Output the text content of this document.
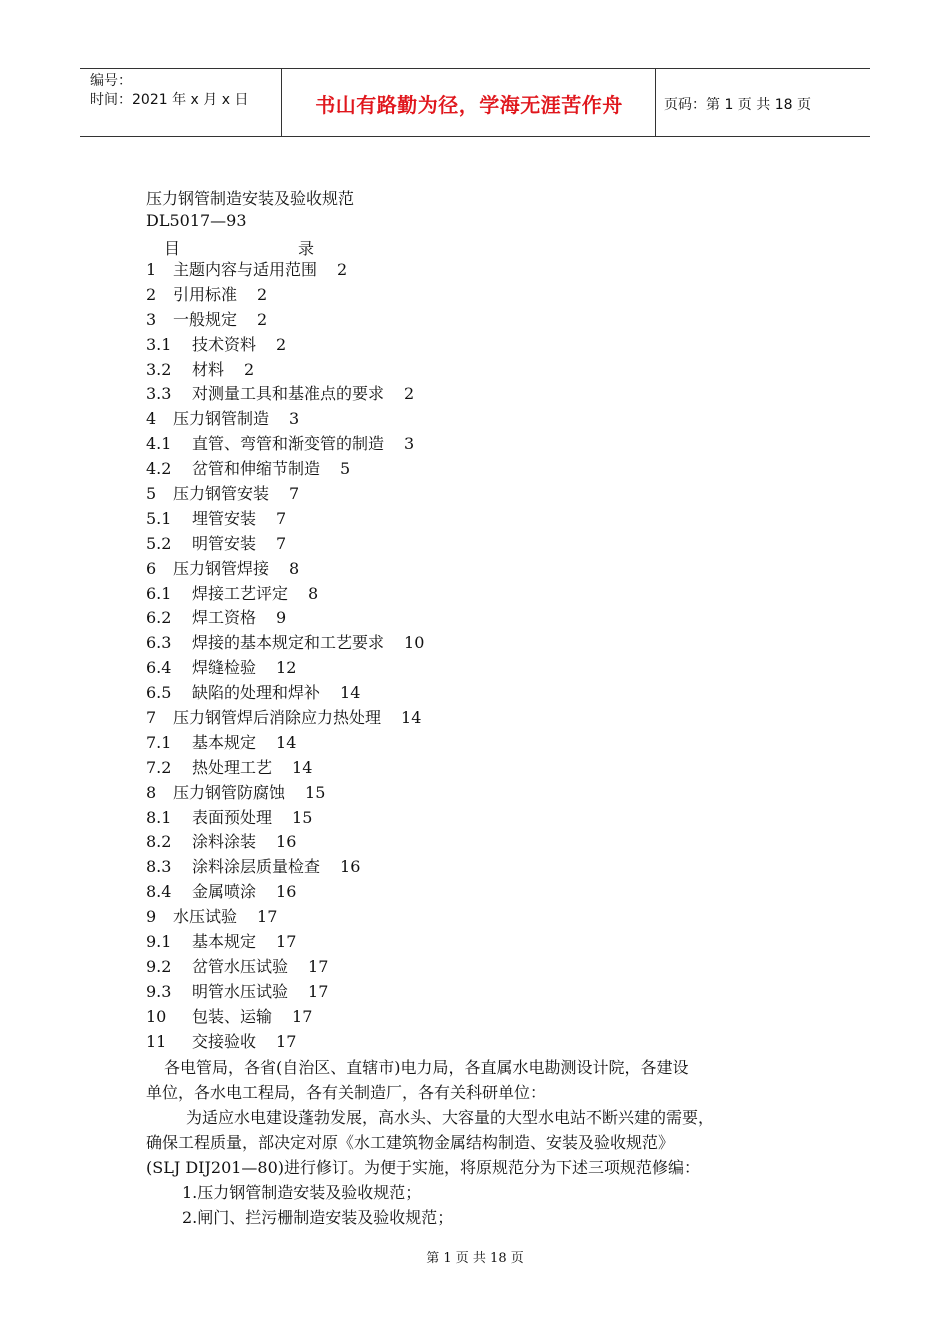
编号：
时间：2021 年 x 月 x 日	书山有路勤为径，学海无涯苦作舟	页码：第 1 页 共 18 页
压力钢管制造安装及验收规范
DL5017—93
目	录
1 主题内容与适用范围 2
2 引用标准 2
3 一般规定 2
3.1 技术资料 2
3.2 材料 2
3.3 对测量工具和基准点的要求 2
4 压力钢管制造 3
4.1 直管、弯管和渐变管的制造 3
4.2 岔管和伸缩节制造 5
5 压力钢管安装 7
5.1 埋管安装 7
5.2 明管安装 7
6 压力钢管焊接 8
6.1 焊接工艺评定 8
6.2 焊工资格 9
6.3 焊接的基本规定和工艺要求 10
6.4 焊缝检验 12
6.5 缺陷的处理和焊补 14
7 压力钢管焊后消除应力热处理 14
7.1 基本规定 14
7.2 热处理工艺 14
8 压力钢管防腐蚀 15
8.1 表面预处理 15
8.2 涂料涂装 16
8.3 涂料涂层质量检查 16
8.4 金属喷涂 16
9 水压试验 17
9.1 基本规定 17
9.2 岔管水压试验 17
9.3 明管水压试验 17
10 包装、运输 17
11 交接验收 17
各电管局，各省(自治区、直辖市)电力局，各直属水电勘测设计院，各建设
单位，各水电工程局，各有关制造厂，各有关科研单位：
为适应水电建设蓬勃发展，高水头、大容量的大型水电站不断兴建的需要，
确保工程质量，部决定对原《水工建筑物金属结构制造、安装及验收规范》
(SLJ DIJ201—80)进行修订。为便于实施，将原规范分为下述三项规范修编：
1.压力钢管制造安装及验收规范；
2.闸门、拦污栅制造安装及验收规范；
第 1 页 共 18 页
